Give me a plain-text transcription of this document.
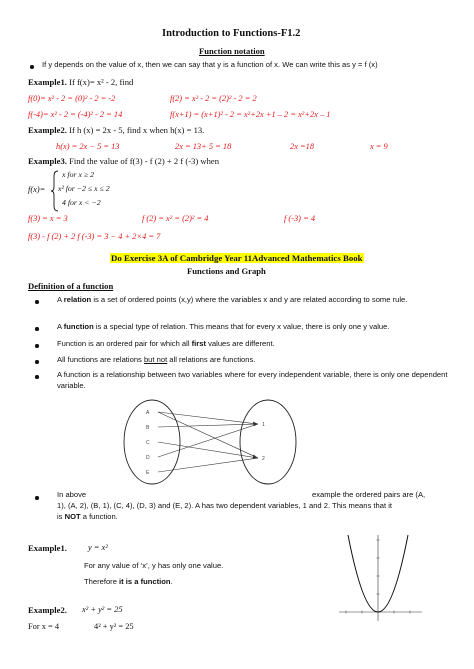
Introduction to Functions-F1.2
Function notation
If y depends on the value of x, then we can say that y is a function of x. We can write this as y = f (x)
Example1. If f(x)= x² - 2, find
f(0)= x² - 2 = (0)² - 2 = -2	f(2) = x² - 2 = (2)² - 2 = 2
f(-4)= x² - 2 = (-4)² - 2 = 14	f(x+1) = (x+1)² - 2 = x²+2x +1 – 2 = x²+2x – 1
Example2. If h (x) = 2x - 5, find x when h(x) = 13.
h(x) = 2x − 5 = 13	2x = 13+ 5 = 18	2x =18	x = 9
Example3. Find the value of f(3) - f (2) + 2 f (-3) when
f(x)=
x for x ≥ 2
x² for −2 ≤ x ≤ 2
4 for x < −2
f(3) = x = 3	f (2) = x² = (2)² = 4	f (-3) = 4
f(3) - f (2) + 2 f (-3) = 3 − 4 + 2×4 = 7
Do Exercise 3A of Cambridge Year 11Advanced Mathematics Book
Functions and Graph
Definition of a function
A relation is a set of ordered points (x,y) where the variables x and y are related according to some rule.
A function is a special type of relation. This means that for every x value, there is only one y value.
Function is an ordered pair for which all first values are different.
All functions are relations but not all relations are functions.
A function is a relationship between two variables where for every independent variable, there is only one dependent variable.
A
B
C
D
E
1
2
In above	example the ordered pairs are (A,
1), (A, 2), (B, 1), (C, 4), (D, 3) and (E, 2). A has two dependent variables, 1 and 2. This means that it
is NOT a function.
Example1.	y = x²
For any value of ‘x’, y has only one value.
Therefore it is a function.
Example2. x² + y² = 25
For x = 4	4² + y² = 25
